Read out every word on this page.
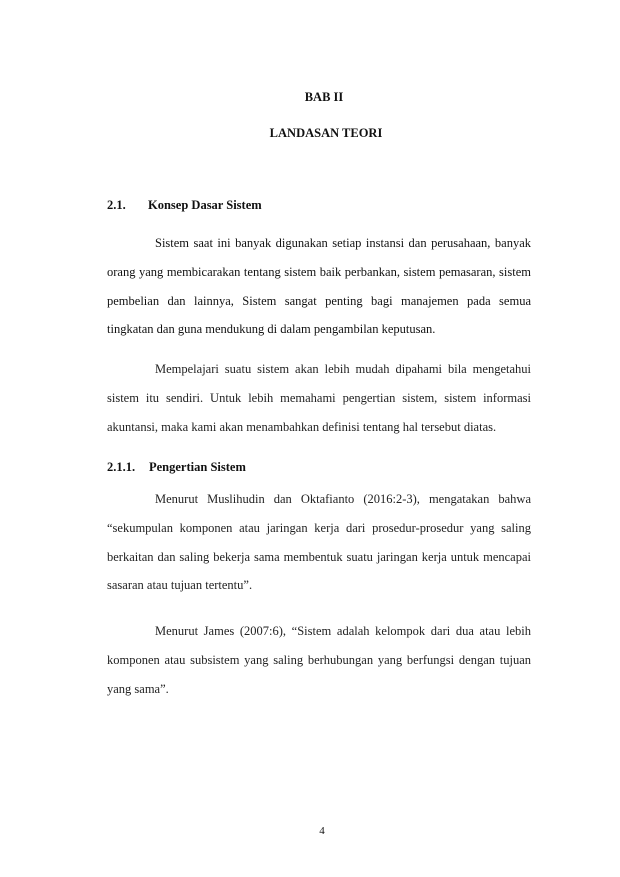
BAB II

LANDASAN TEORI

2.1. Konsep Dasar Sistem

Sistem saat ini banyak digunakan setiap instansi dan perusahaan, banyak orang yang membicarakan tentang sistem baik perbankan, sistem pemasaran, sistem pembelian dan lainnya, Sistem sangat penting bagi manajemen pada semua tingkatan dan guna mendukung di dalam pengambilan keputusan.

Mempelajari suatu sistem akan lebih mudah dipahami bila mengetahui sistem itu sendiri. Untuk lebih memahami pengertian sistem, sistem informasi akuntansi, maka kami akan menambahkan definisi tentang hal tersebut diatas.

2.1.1. Pengertian Sistem

Menurut Muslihudin dan Oktafianto (2016:2-3), mengatakan bahwa “sekumpulan komponen atau jaringan kerja dari prosedur-prosedur yang saling berkaitan dan saling bekerja sama membentuk suatu jaringan kerja untuk mencapai sasaran atau tujuan tertentu”.

Menurut James (2007:6), “Sistem adalah kelompok dari dua atau lebih komponen atau subsistem yang saling berhubungan yang berfungsi dengan tujuan yang sama”.

4
